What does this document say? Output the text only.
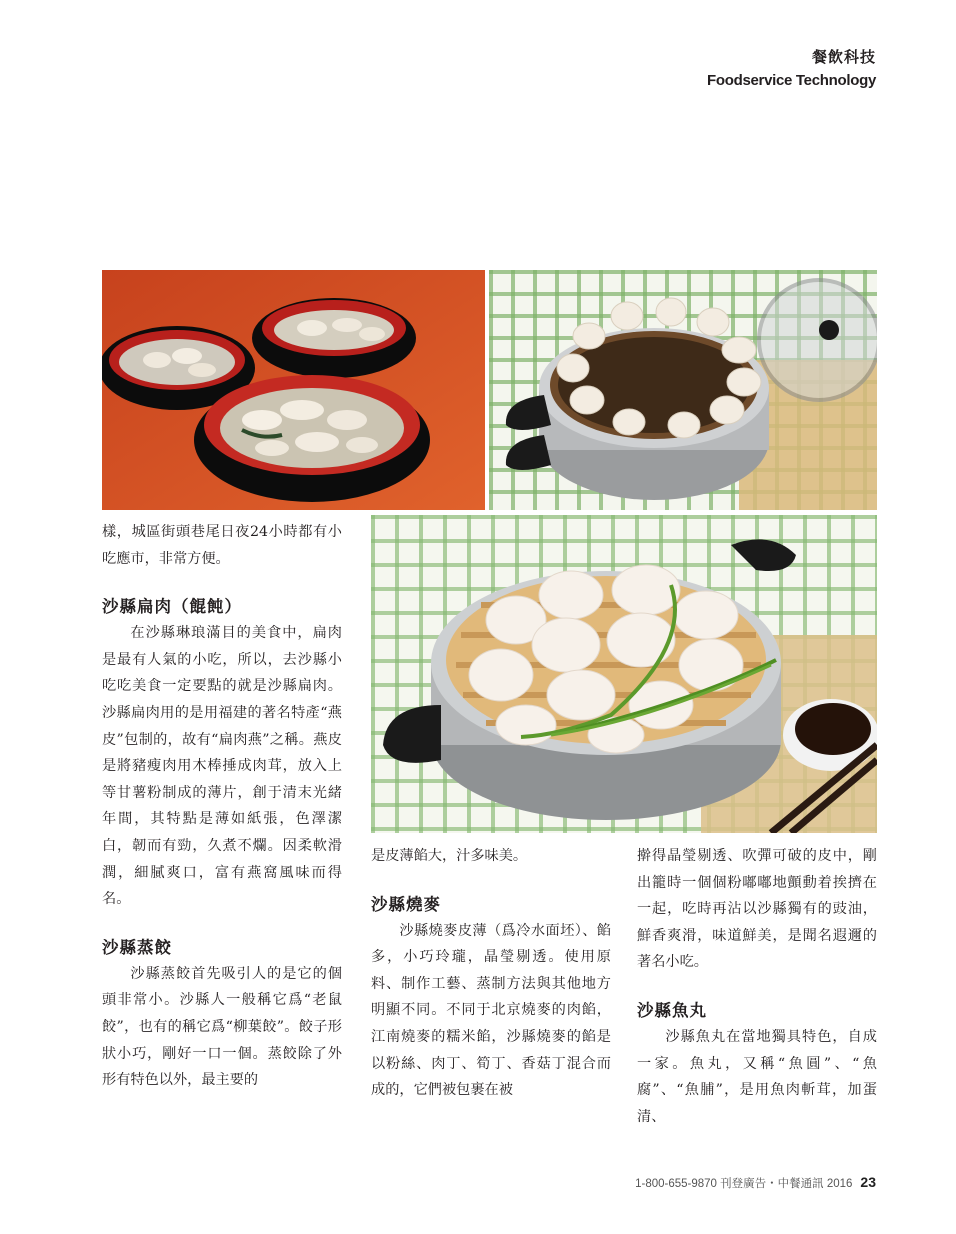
餐飲科技
Foodservice Technology

樣，城區街頭巷尾日夜24小時都有小吃應市，非常方便。

沙縣扁肉（餛飩）

在沙縣琳琅滿目的美食中，扁肉是最有人氣的小吃，所以，去沙縣小吃吃美食一定要點的就是沙縣扁肉。沙縣扁肉用的是用福建的著名特產“燕皮”包制的，故有“扁肉燕”之稱。燕皮是將豬瘦肉用木棒捶成肉茸，放入上等甘薯粉制成的薄片，創于清末光緒年間，其特點是薄如紙張，色澤潔白，韌而有勁，久煮不爛。因柔軟滑潤，細膩爽口，富有燕窩風味而得名。

沙縣蒸餃

沙縣蒸餃首先吸引人的是它的個頭非常小。沙縣人一般稱它爲“老鼠餃”，也有的稱它爲“柳葉餃”。餃子形狀小巧，剛好一口一個。蒸餃除了外形有特色以外，最主要的

是皮薄餡大，汁多味美。

沙縣燒麥

沙縣燒麥皮薄（爲冷水面坯）、餡多，小巧玲瓏，晶瑩剔透。使用原料、制作工藝、蒸制方法與其他地方明顯不同。不同于北京燒麥的肉餡，江南燒麥的糯米餡，沙縣燒麥的餡是以粉絲、肉丁、筍丁、香菇丁混合而成的，它們被包裹在被

擀得晶瑩剔透、吹彈可破的皮中，剛出籠時一個個粉嘟嘟地顫動着挨擠在一起，吃時再沾以沙縣獨有的豉油，鮮香爽滑，味道鮮美，是聞名遐邇的著名小吃。

沙縣魚丸

沙縣魚丸在當地獨具特色，自成一家。魚丸，又稱“魚圓”、“魚腐”、“魚脯”，是用魚肉斬茸，加蛋清、

1-800-655-9870 刊登廣告・中餐通訊 2016 23
